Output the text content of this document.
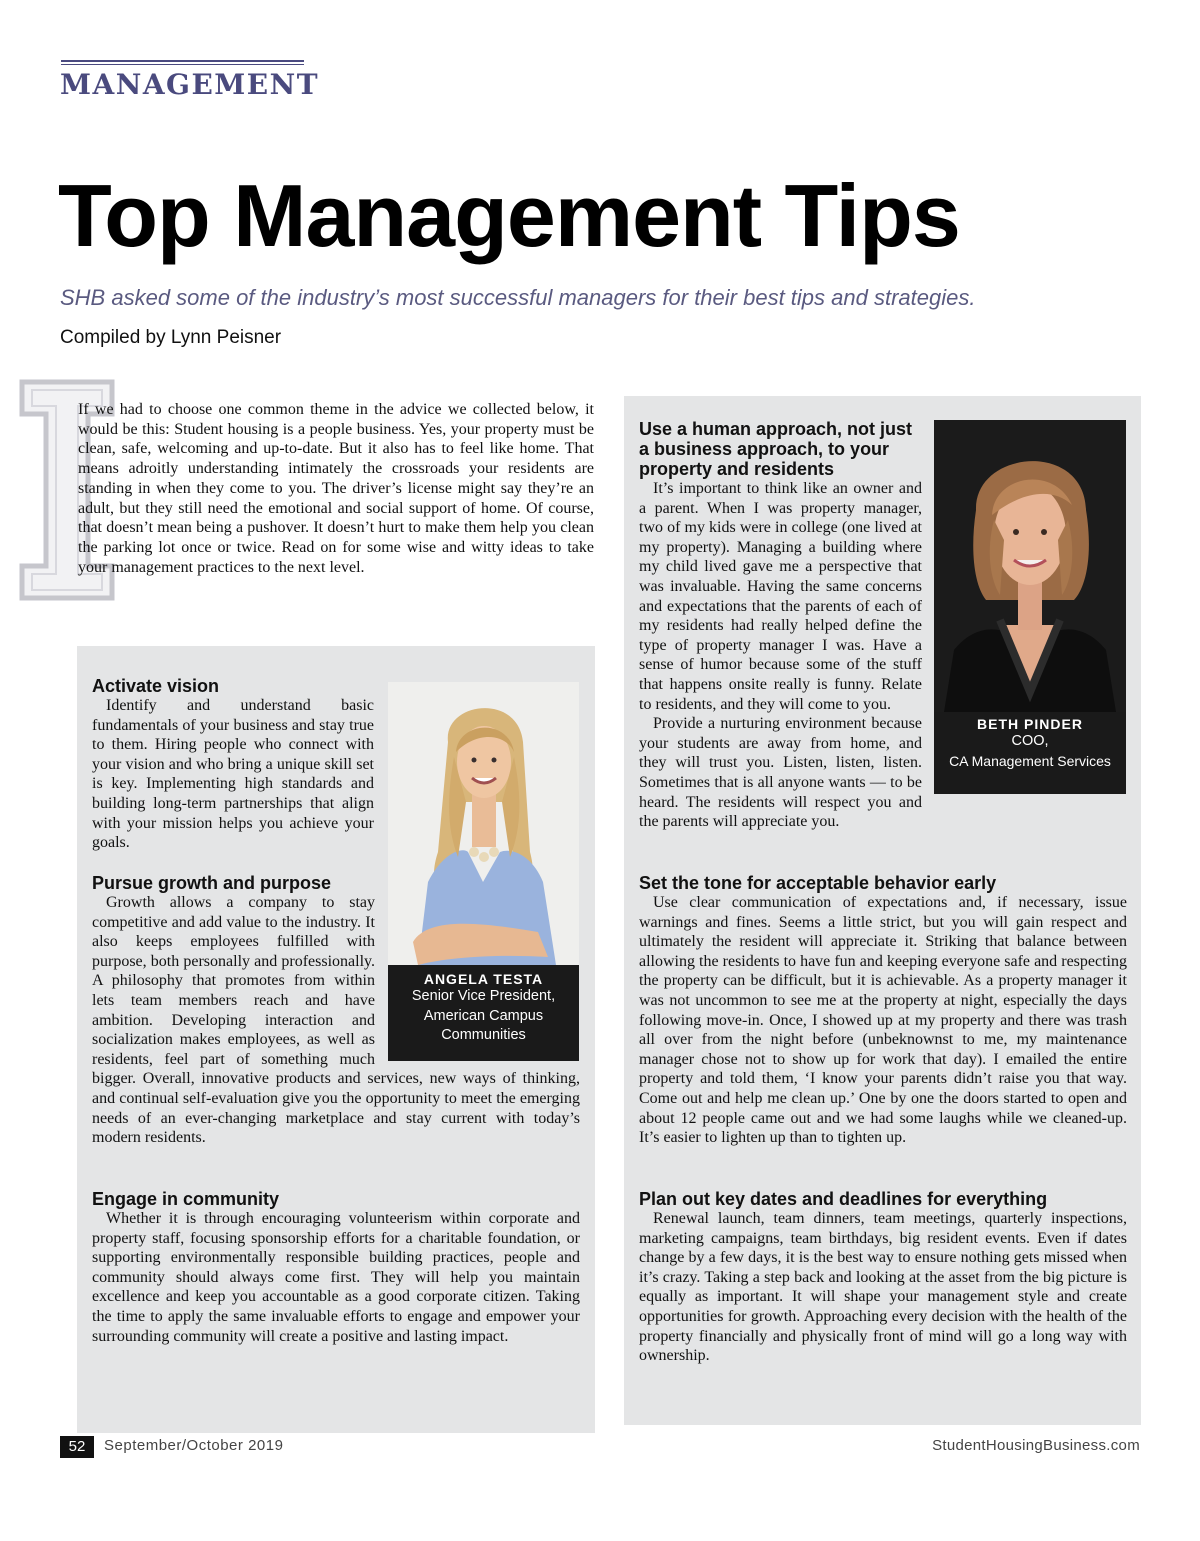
MANAGEMENT
Top Management Tips
SHB asked some of the industry’s most successful managers for their best tips and strategies.
Compiled by Lynn Peisner
If we had to choose one common theme in the advice we collected below, it would be this: Student housing is a people business. Yes, your property must be clean, safe, welcoming and up-to-date. But it also has to feel like home. That means adroitly understanding intimately the crossroads your residents are standing in when they come to you. The driver’s license might say they’re an adult, but they still need the emotional and social support of home. Of course, that doesn’t mean being a pushover. It doesn’t hurt to make them help you clean the parking lot once or twice. Read on for some wise and witty ideas to take your management practices to the next level.
ANGELA TESTA
Senior Vice President,
American Campus
Communities
Activate vision

Identify and understand basic fundamentals of your business and stay true to them. Hiring people who connect with your vision and who bring a unique skill set is key. Implementing high standards and building long-term partnerships that align with your mission helps you achieve your goals.

Pursue growth and purpose

Growth allows a company to stay competitive and add value to the industry. It also keeps employees fulfilled with purpose, both personally and professionally. A philosophy that promotes from within lets team members reach and have ambition. Developing interaction and socialization makes employees, as well as residents, feel part of something much bigger. Overall, innovative products and services, new ways of thinking, and continual self-evaluation give you the opportunity to meet the emerging needs of an ever-changing marketplace and stay current with today’s modern residents.

Engage in community

Whether it is through encouraging volunteerism within corporate and property staff, focusing sponsorship efforts for a charitable foundation, or supporting environmentally responsible building practices, people and community should always come first. They will help you maintain excellence and keep you accountable as a good corporate citizen. Taking the time to apply the same invaluable efforts to engage and empower your surrounding community will create a positive and lasting impact.

BETH PINDER
COO,
CA Management Services
Use a human approach, not just a business approach, to your property and residents

It’s important to think like an owner and a parent. When I was property manager, two of my kids were in college (one lived at my property). Managing a building where my child lived gave me a perspective that was invaluable. Having the same concerns and expectations that the parents of each of my residents had really helped define the type of property manager I was. Have a sense of humor because some of the stuff that happens onsite really is funny. Relate to residents, and they will come to you.

Provide a nurturing environment because your students are away from home, and they will trust you. Listen, listen, listen. Sometimes that is all anyone wants — to be heard. The residents will respect you and the parents will appreciate you.

Set the tone for acceptable behavior early

Use clear communication of expectations and, if necessary, issue warnings and fines. Seems a little strict, but you will gain respect and ultimately the resident will appreciate it. Striking that balance between allowing the residents to have fun and keeping everyone safe and respecting the property can be difficult, but it is achievable. As a property manager it was not uncommon to see me at the property at night, especially the days following move-in. Once, I showed up at my property and there was trash all over from the night before (unbeknownst to me, my maintenance manager chose not to show up for work that day). I emailed the entire property and told them, ‘I know your parents didn’t raise you that way. Come out and help me clean up.’ One by one the doors started to open and about 12 people came out and we had some laughs while we cleaned-up. It’s easier to lighten up than to tighten up.

Plan out key dates and deadlines for everything

Renewal launch, team dinners, team meetings, quarterly inspections, marketing campaigns, team birthdays, big resident events. Even if dates change by a few days, it is the best way to ensure nothing gets missed when it’s crazy. Taking a step back and looking at the asset from the big picture is equally as important. It will shape your management style and create opportunities for growth. Approaching every decision with the health of the property financially and physically front of mind will go a long way with ownership.

52	September/October 2019	StudentHousingBusiness.com
